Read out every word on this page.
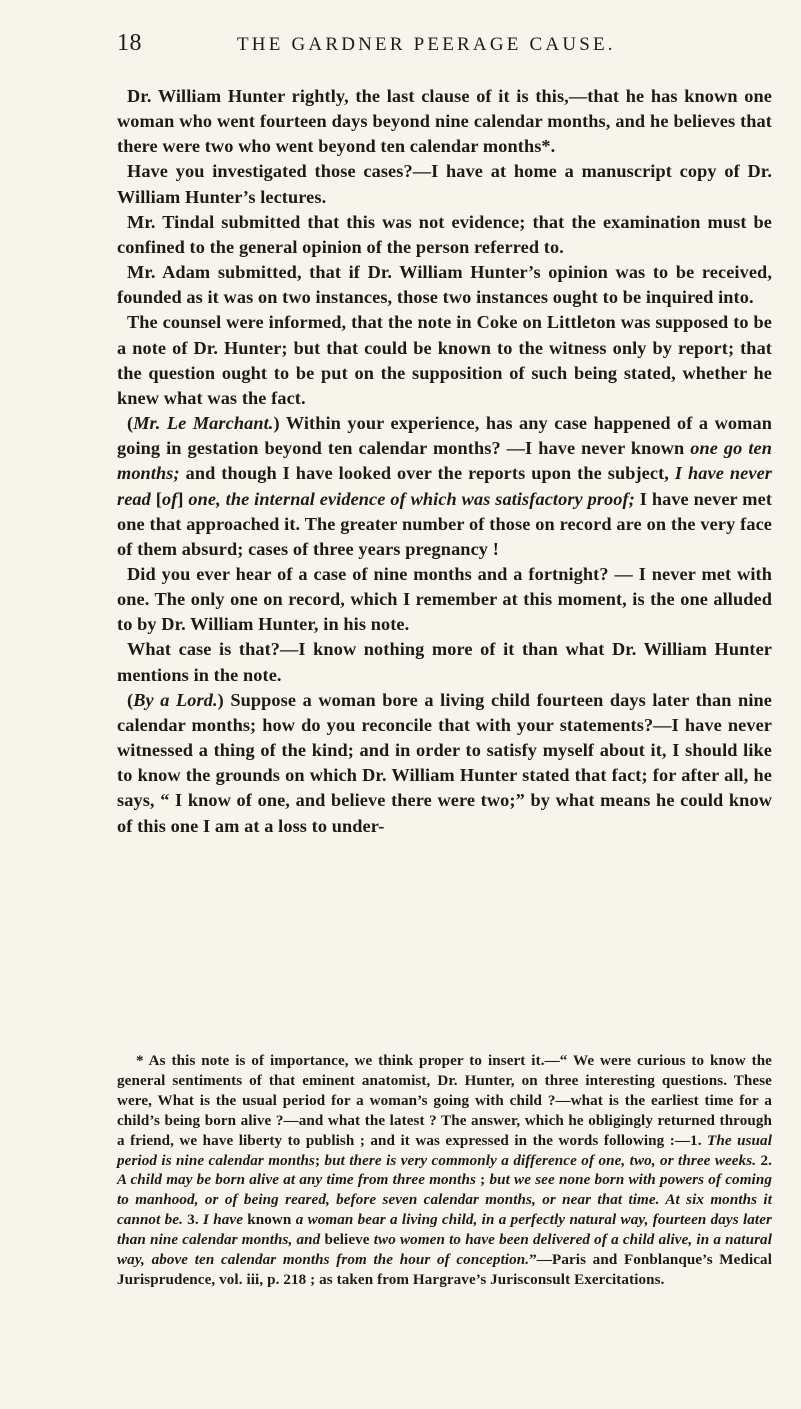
18	THE GARDNER PEERAGE CAUSE.

Dr. William Hunter rightly, the last clause of it is this,—that he has known one woman who went fourteen days beyond nine calendar months, and he believes that there were two who went beyond ten calendar months*.

Have you investigated those cases?—I have at home a manuscript copy of Dr. William Hunter’s lectures.

Mr. Tindal submitted that this was not evidence; that the examination must be confined to the general opinion of the person referred to.

Mr. Adam submitted, that if Dr. William Hunter’s opinion was to be received, founded as it was on two instances, those two instances ought to be inquired into.

The counsel were informed, that the note in Coke on Littleton was supposed to be a note of Dr. Hunter; but that could be known to the witness only by report; that the question ought to be put on the supposition of such being stated, whether he knew what was the fact.

(Mr. Le Marchant.) Within your experience, has any case happened of a woman going in gestation beyond ten calendar months? —I have never known one go ten months; and though I have looked over the reports upon the subject, I have never read [of] one, the internal evidence of which was satisfactory proof; I have never met one that approached it. The greater number of those on record are on the very face of them absurd; cases of three years pregnancy !

Did you ever hear of a case of nine months and a fortnight? — I never met with one. The only one on record, which I remember at this moment, is the one alluded to by Dr. William Hunter, in his note.

What case is that?—I know nothing more of it than what Dr. William Hunter mentions in the note.

(By a Lord.) Suppose a woman bore a living child fourteen days later than nine calendar months; how do you reconcile that with your statements?—I have never witnessed a thing of the kind; and in order to satisfy myself about it, I should like to know the grounds on which Dr. William Hunter stated that fact; for after all, he says, “ I know of one, and believe there were two;” by what means he could know of this one I am at a loss to under-

* As this note is of importance, we think proper to insert it.—“ We were curious to know the general sentiments of that eminent anatomist, Dr. Hunter, on three interesting questions. These were, What is the usual period for a woman’s going with child ?—what is the earliest time for a child’s being born alive ?—and what the latest ? The answer, which he obligingly returned through a friend, we have liberty to publish ; and it was expressed in the words following :—1. The usual period is nine calendar months; but there is very commonly a difference of one, two, or three weeks. 2. A child may be born alive at any time from three months ; but we see none born with powers of coming to manhood, or of being reared, before seven calendar months, or near that time. At six months it cannot be. 3. I have known a woman bear a living child, in a perfectly natural way, fourteen days later than nine calendar months, and believe two women to have been delivered of a child alive, in a natural way, above ten calendar months from the hour of conception.”—Paris and Fonblanque’s Medical Jurisprudence, vol. iii, p. 218 ; as taken from Hargrave’s Jurisconsult Exercitations.
